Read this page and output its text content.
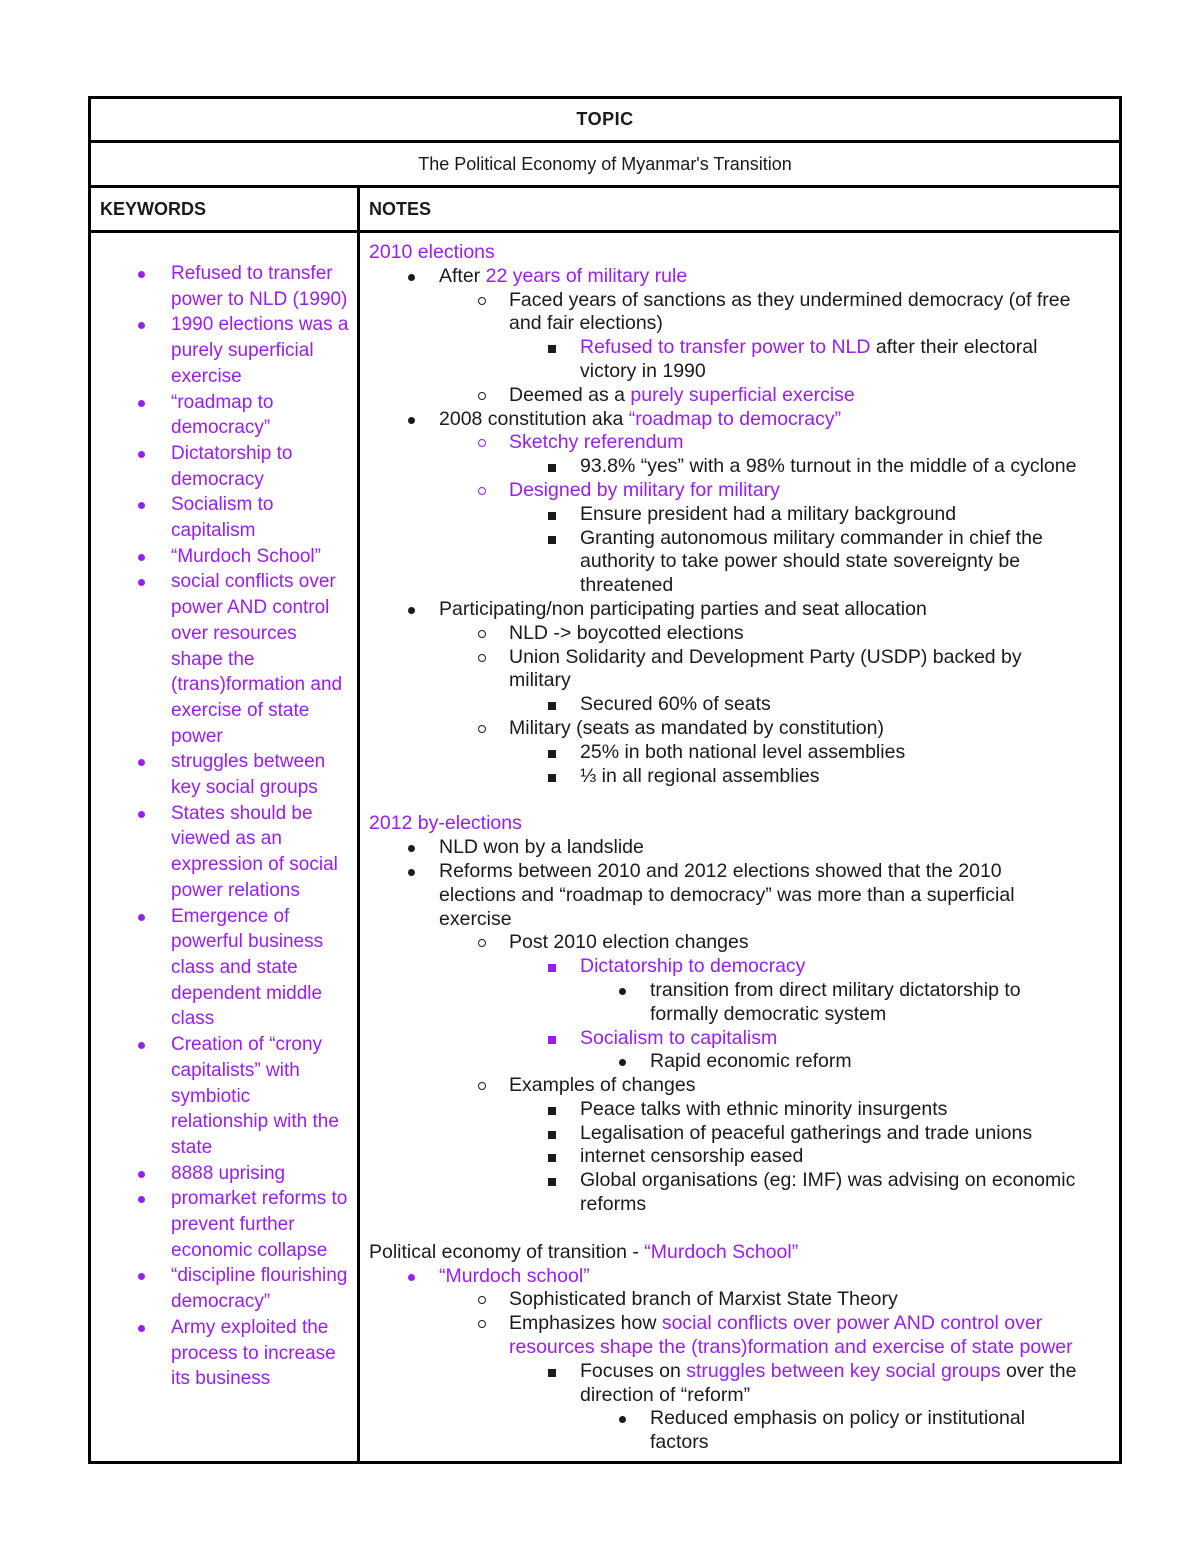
TOPIC
The Political Economy of Myanmar's Transition
KEYWORDS	NOTES
Refused to transfer power to NLD (1990)
1990 elections was a purely superficial exercise
“roadmap to democracy”
Dictatorship to democracy
Socialism to capitalism
“Murdoch School”
social conflicts over power AND control over resources shape the (trans)formation and exercise of state power
struggles between key social groups
States should be viewed as an expression of social power relations
Emergence of powerful business class and state dependent middle class
Creation of “crony capitalists” with symbiotic relationship with the state
8888 uprising
promarket reforms to prevent further economic collapse
“discipline flourishing democracy”
Army exploited the process to increase its business
2010 elections
After 22 years of military rule
Faced years of sanctions as they undermined democracy (of free
and fair elections)
Refused to transfer power to NLD after their electoral
victory in 1990
Deemed as a purely superficial exercise
2008 constitution aka “roadmap to democracy”
Sketchy referendum
93.8% “yes” with a 98% turnout in the middle of a cyclone
Designed by military for military
Ensure president had a military background
Granting autonomous military commander in chief the
authority to take power should state sovereignty be
threatened
Participating/non participating parties and seat allocation
NLD -> boycotted elections
Union Solidarity and Development Party (USDP) backed by
military
Secured 60% of seats
Military (seats as mandated by constitution)
25% in both national level assemblies
⅓ in all regional assemblies
2012 by-elections
NLD won by a landslide
Reforms between 2010 and 2012 elections showed that the 2010
elections and “roadmap to democracy” was more than a superficial
exercise
Post 2010 election changes
Dictatorship to democracy
transition from direct military dictatorship to
formally democratic system
Socialism to capitalism
Rapid economic reform
Examples of changes
Peace talks with ethnic minority insurgents
Legalisation of peaceful gatherings and trade unions
internet censorship eased
Global organisations (eg: IMF) was advising on economic
reforms
Political economy of transition - “Murdoch School”
“Murdoch school”
Sophisticated branch of Marxist State Theory
Emphasizes how social conflicts over power AND control over
resources shape the (trans)formation and exercise of state power
Focuses on struggles between key social groups over the
direction of “reform”
Reduced emphasis on policy or institutional
factors
